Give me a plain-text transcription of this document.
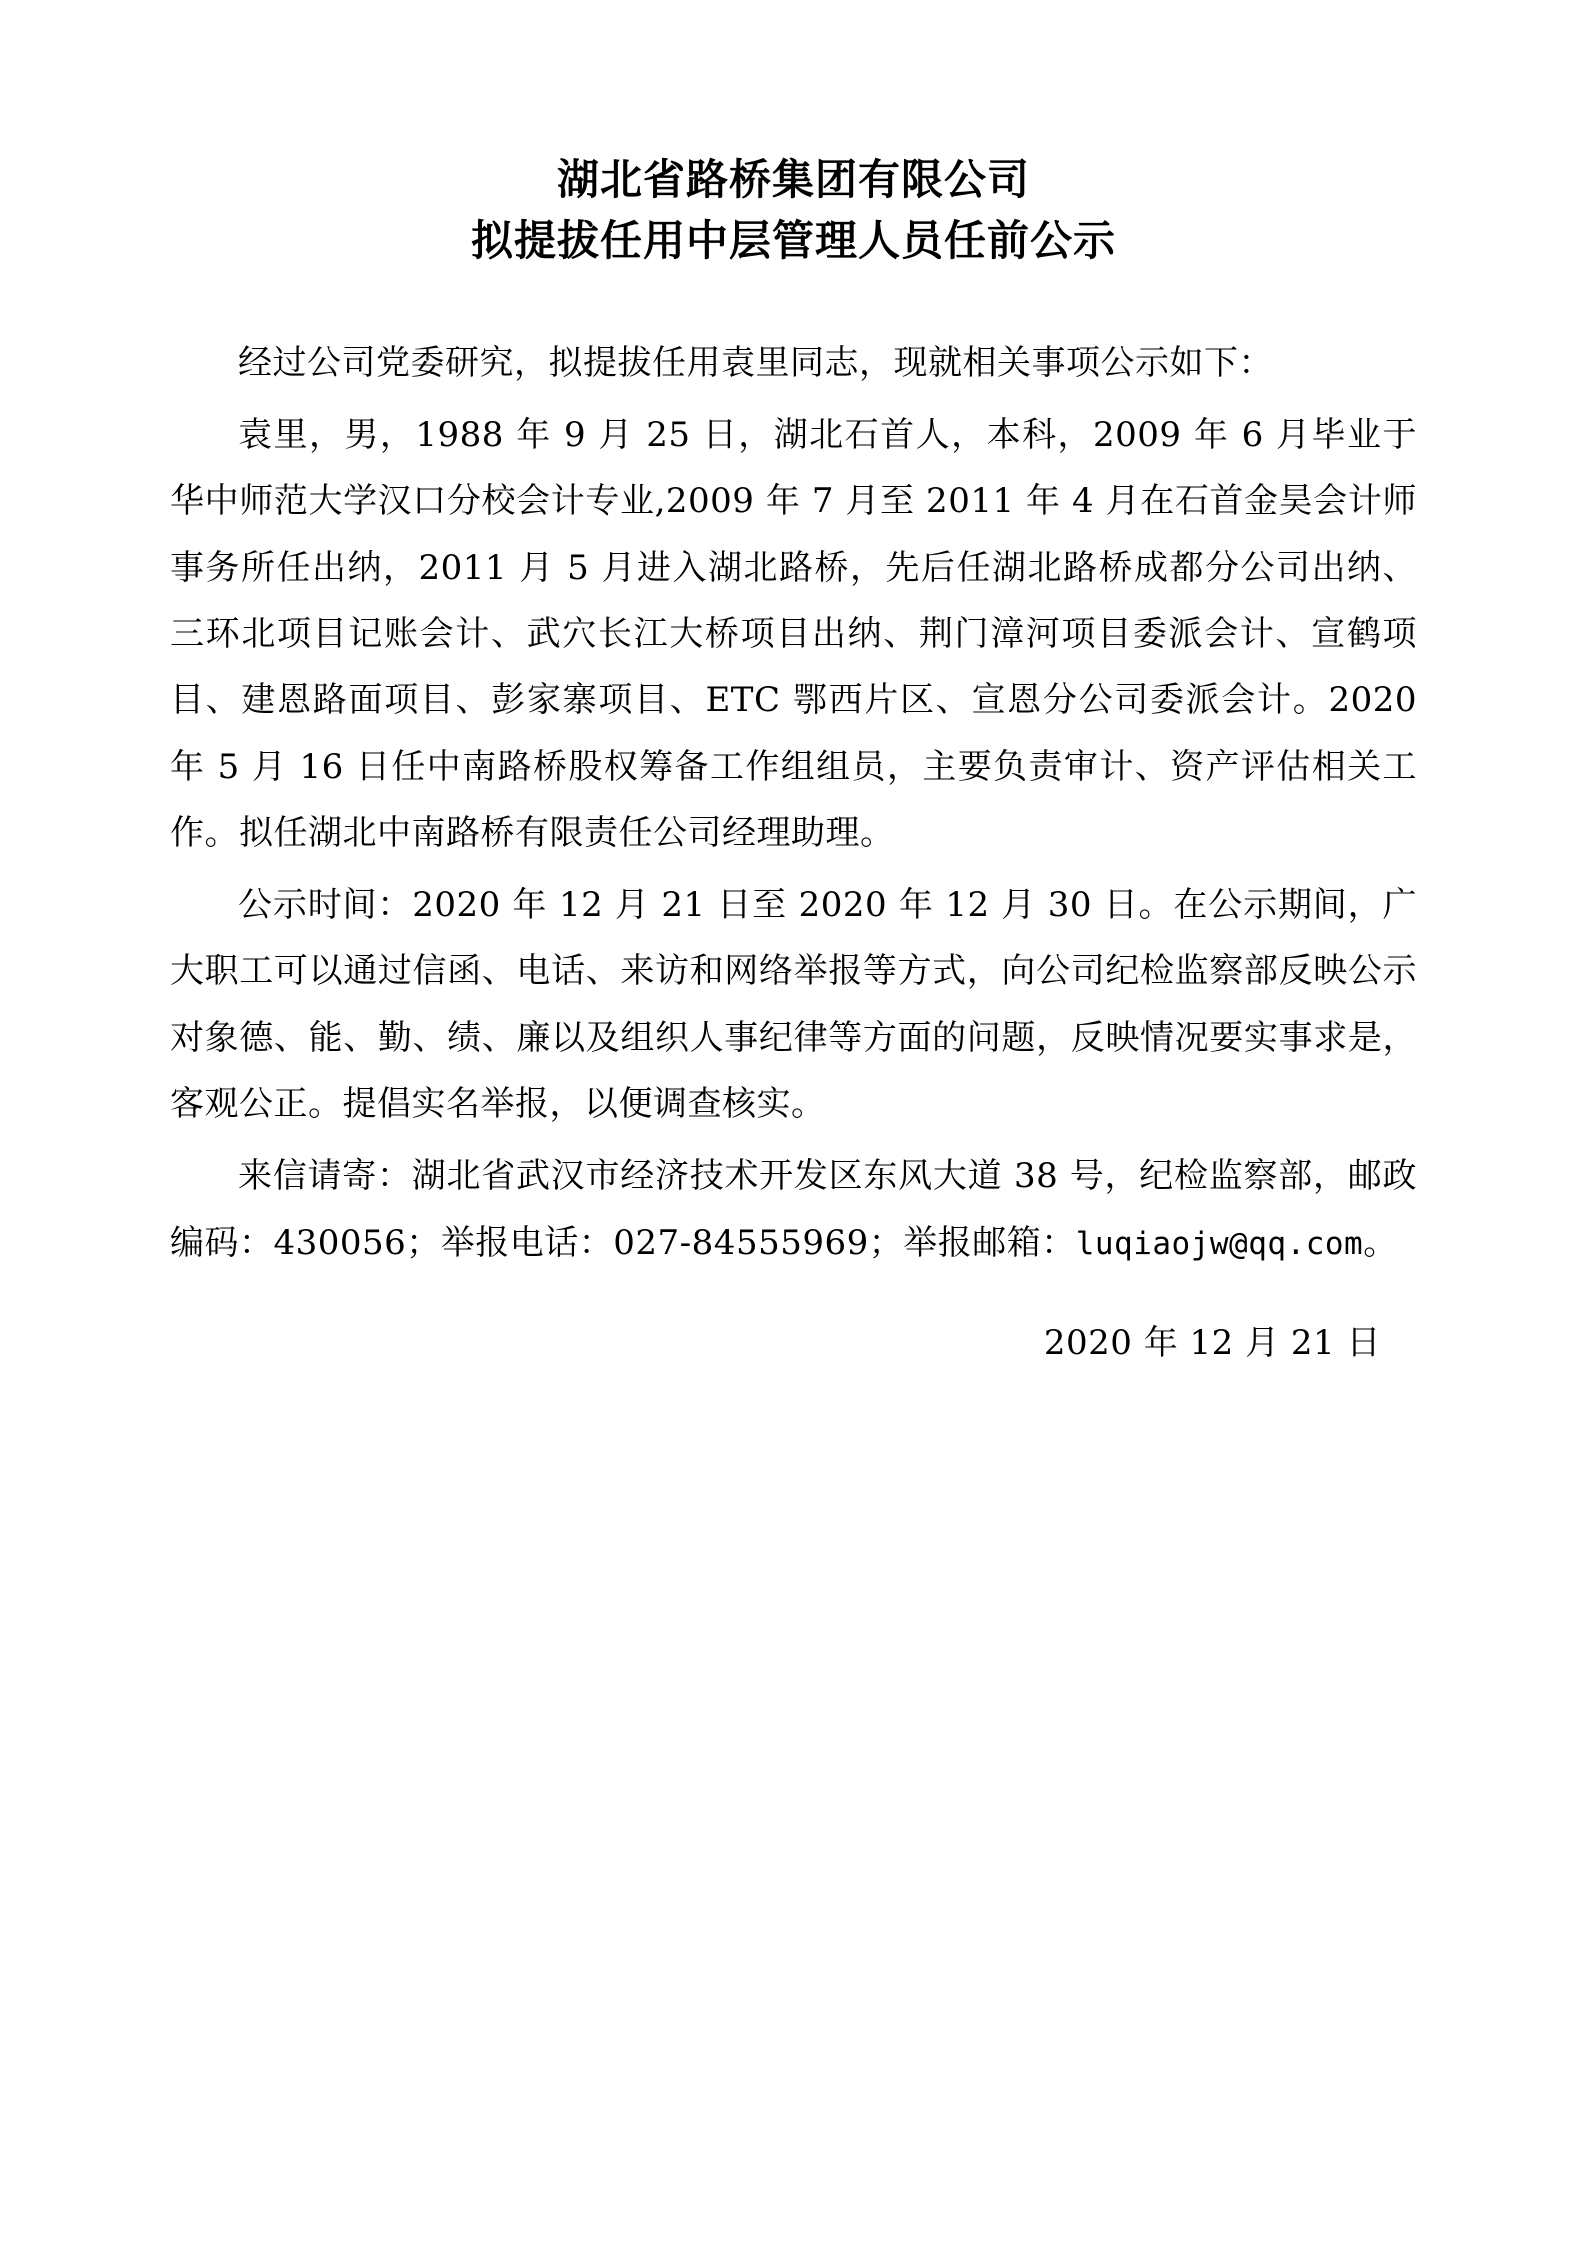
湖北省路桥集团有限公司
拟提拔任用中层管理人员任前公示

经过公司党委研究，拟提拔任用袁里同志，现就相关事项公示如下：

袁里，男，1988 年 9 月 25 日，湖北石首人，本科，2009 年 6 月毕业于华中师范大学汉口分校会计专业,2009 年 7 月至 2011 年 4 月在石首金昊会计师事务所任出纳，2011 月 5 月进入湖北路桥，先后任湖北路桥成都分公司出纳、三环北项目记账会计、武穴长江大桥项目出纳、荆门漳河项目委派会计、宣鹤项目、建恩路面项目、彭家寨项目、ETC 鄂西片区、宣恩分公司委派会计。2020 年 5 月 16 日任中南路桥股权筹备工作组组员，主要负责审计、资产评估相关工作。拟任湖北中南路桥有限责任公司经理助理。

公示时间：2020 年 12 月 21 日至 2020 年 12 月 30 日。在公示期间，广大职工可以通过信函、电话、来访和网络举报等方式，向公司纪检监察部反映公示对象德、能、勤、绩、廉以及组织人事纪律等方面的问题，反映情况要实事求是，客观公正。提倡实名举报，以便调查核实。

来信请寄：湖北省武汉市经济技术开发区东风大道 38 号，纪检监察部，邮政编码：430056；举报电话：027-84555969；举报邮箱：luqiaojw@qq.com。

2020 年 12 月 21 日
